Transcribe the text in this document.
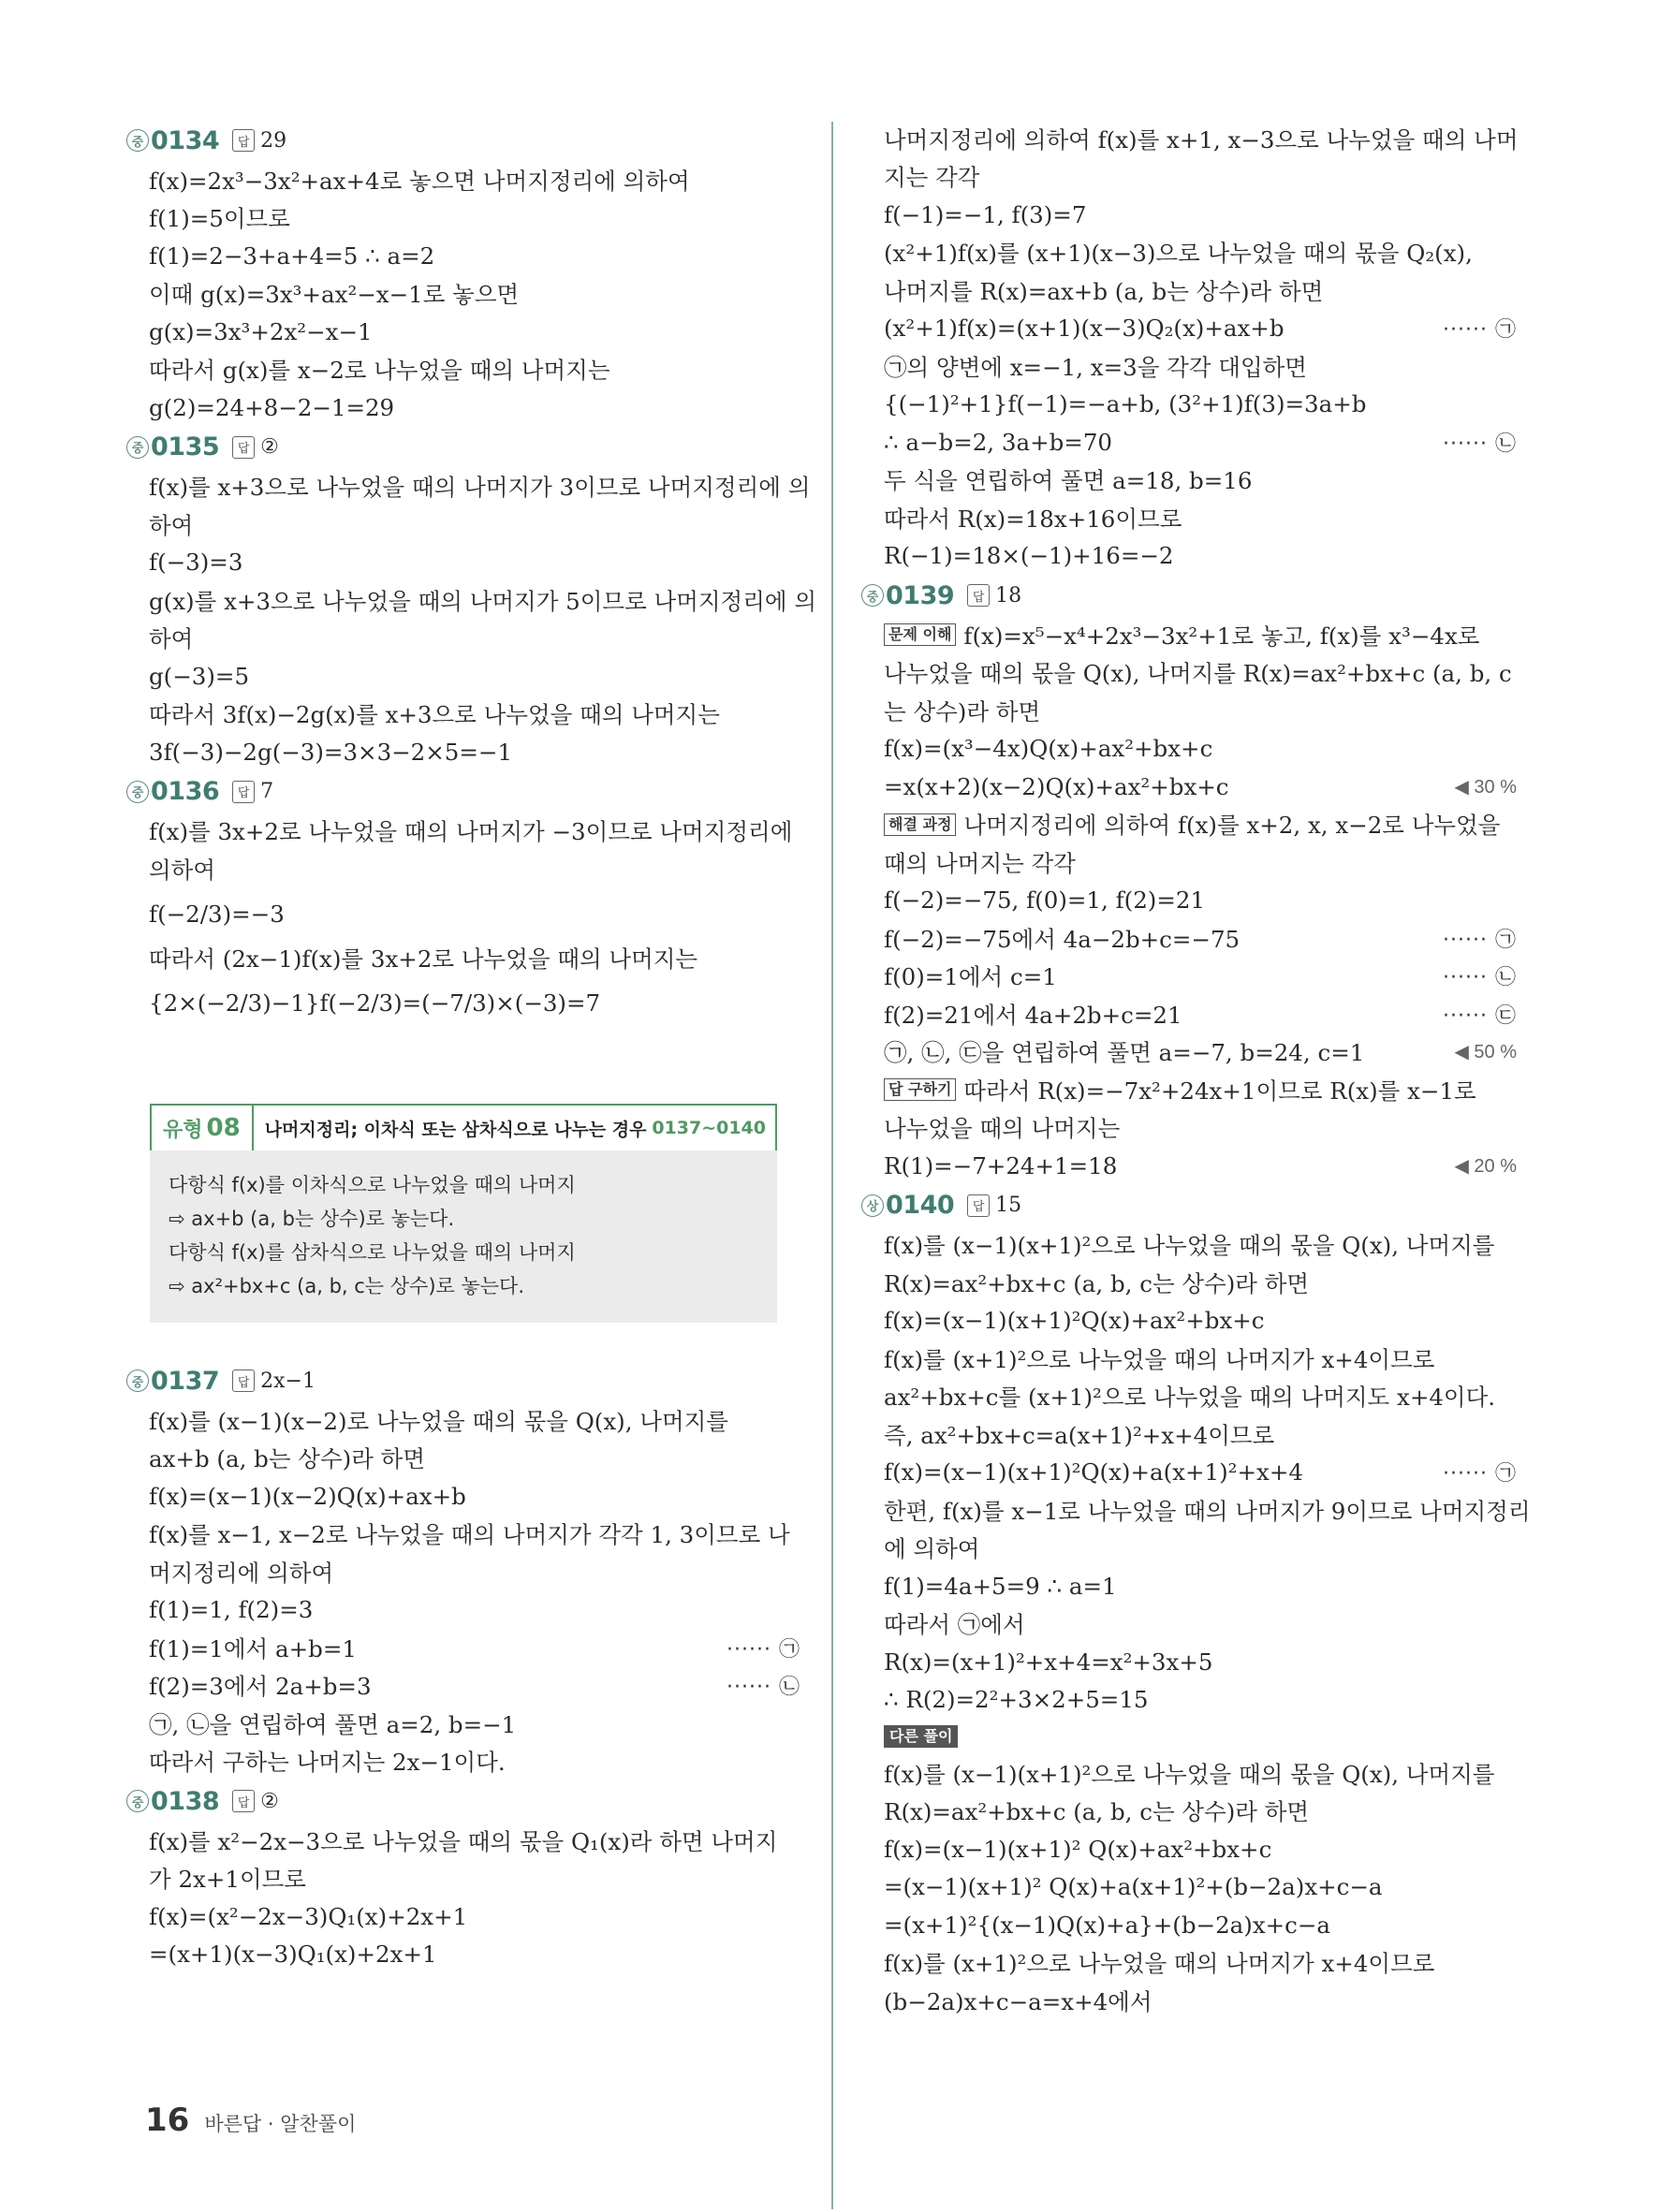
중 0134	답 29
f(x)=2x³−3x²+ax+4로 놓으면 나머지정리에 의하여
f(1)=5이므로
f(1)=2−3+a+4=5 ∴ a=2
이때 g(x)=3x³+ax²−x−1로 놓으면
g(x)=3x³+2x²−x−1
따라서 g(x)를 x−2로 나누었을 때의 나머지는
g(2)=24+8−2−1=29
중 0135	답 ②
f(x)를 x+3으로 나누었을 때의 나머지가 3이므로 나머지정리에 의
하여
f(−3)=3
g(x)를 x+3으로 나누었을 때의 나머지가 5이므로 나머지정리에 의
하여
g(−3)=5
따라서 3f(x)−2g(x)를 x+3으로 나누었을 때의 나머지는
3f(−3)−2g(−3)=3×3−2×5=−1
중 0136	답 7
f(x)를 3x+2로 나누었을 때의 나머지가 −3이므로 나머지정리에
의하여
f(−2/3)=−3
따라서 (2x−1)f(x)를 3x+2로 나누었을 때의 나머지는
{2×(−2/3)−1}f(−2/3)=(−7/3)×(−3)=7
유형 08	나머지정리; 이차식 또는 삼차식으로 나누는 경우 0137~0140
다항식 f(x)를 이차식으로 나누었을 때의 나머지
⇨ ax+b (a, b는 상수)로 놓는다.
다항식 f(x)를 삼차식으로 나누었을 때의 나머지
⇨ ax²+bx+c (a, b, c는 상수)로 놓는다.
중 0137	답 2x−1
f(x)를 (x−1)(x−2)로 나누었을 때의 몫을 Q(x), 나머지를
ax+b (a, b는 상수)라 하면
f(x)=(x−1)(x−2)Q(x)+ax+b
f(x)를 x−1, x−2로 나누었을 때의 나머지가 각각 1, 3이므로 나
머지정리에 의하여
f(1)=1, f(2)=3
f(1)=1에서 a+b=1	······ ㉠
f(2)=3에서 2a+b=3	······ ㉡
㉠, ㉡을 연립하여 풀면 a=2, b=−1
따라서 구하는 나머지는 2x−1이다.
중 0138	답 ②
f(x)를 x²−2x−3으로 나누었을 때의 몫을 Q₁(x)라 하면 나머지
가 2x+1이므로
f(x)=(x²−2x−3)Q₁(x)+2x+1
=(x+1)(x−3)Q₁(x)+2x+1
나머지정리에 의하여 f(x)를 x+1, x−3으로 나누었을 때의 나머
지는 각각
f(−1)=−1, f(3)=7
(x²+1)f(x)를 (x+1)(x−3)으로 나누었을 때의 몫을 Q₂(x),
나머지를 R(x)=ax+b (a, b는 상수)라 하면
(x²+1)f(x)=(x+1)(x−3)Q₂(x)+ax+b	······ ㉠
㉠의 양변에 x=−1, x=3을 각각 대입하면
{(−1)²+1}f(−1)=−a+b, (3²+1)f(3)=3a+b
∴ a−b=2, 3a+b=70	······ ㉡
두 식을 연립하여 풀면 a=18, b=16
따라서 R(x)=18x+16이므로
R(−1)=18×(−1)+16=−2
중 0139	답 18
문제 이해 f(x)=x⁵−x⁴+2x³−3x²+1로 놓고, f(x)를 x³−4x로
나누었을 때의 몫을 Q(x), 나머지를 R(x)=ax²+bx+c (a, b, c
는 상수)라 하면
f(x)=(x³−4x)Q(x)+ax²+bx+c
=x(x+2)(x−2)Q(x)+ax²+bx+c	◀ 30 %
해결 과정 나머지정리에 의하여 f(x)를 x+2, x, x−2로 나누었을
때의 나머지는 각각
f(−2)=−75, f(0)=1, f(2)=21
f(−2)=−75에서 4a−2b+c=−75	······ ㉠
f(0)=1에서 c=1	······ ㉡
f(2)=21에서 4a+2b+c=21	······ ㉢
㉠, ㉡, ㉢을 연립하여 풀면 a=−7, b=24, c=1	◀ 50 %
답 구하기 따라서 R(x)=−7x²+24x+1이므로 R(x)를 x−1로
나누었을 때의 나머지는
R(1)=−7+24+1=18	◀ 20 %
상 0140	답 15
f(x)를 (x−1)(x+1)²으로 나누었을 때의 몫을 Q(x), 나머지를
R(x)=ax²+bx+c (a, b, c는 상수)라 하면
f(x)=(x−1)(x+1)²Q(x)+ax²+bx+c
f(x)를 (x+1)²으로 나누었을 때의 나머지가 x+4이므로
ax²+bx+c를 (x+1)²으로 나누었을 때의 나머지도 x+4이다.
즉, ax²+bx+c=a(x+1)²+x+4이므로
f(x)=(x−1)(x+1)²Q(x)+a(x+1)²+x+4	······ ㉠
한편, f(x)를 x−1로 나누었을 때의 나머지가 9이므로 나머지정리
에 의하여
f(1)=4a+5=9 ∴ a=1
따라서 ㉠에서
R(x)=(x+1)²+x+4=x²+3x+5
∴ R(2)=2²+3×2+5=15
다른 풀이
f(x)를 (x−1)(x+1)²으로 나누었을 때의 몫을 Q(x), 나머지를
R(x)=ax²+bx+c (a, b, c는 상수)라 하면
f(x)=(x−1)(x+1)² Q(x)+ax²+bx+c
=(x−1)(x+1)² Q(x)+a(x+1)²+(b−2a)x+c−a
=(x+1)²{(x−1)Q(x)+a}+(b−2a)x+c−a
f(x)를 (x+1)²으로 나누었을 때의 나머지가 x+4이므로
(b−2a)x+c−a=x+4에서
16 바른답 · 알찬풀이
